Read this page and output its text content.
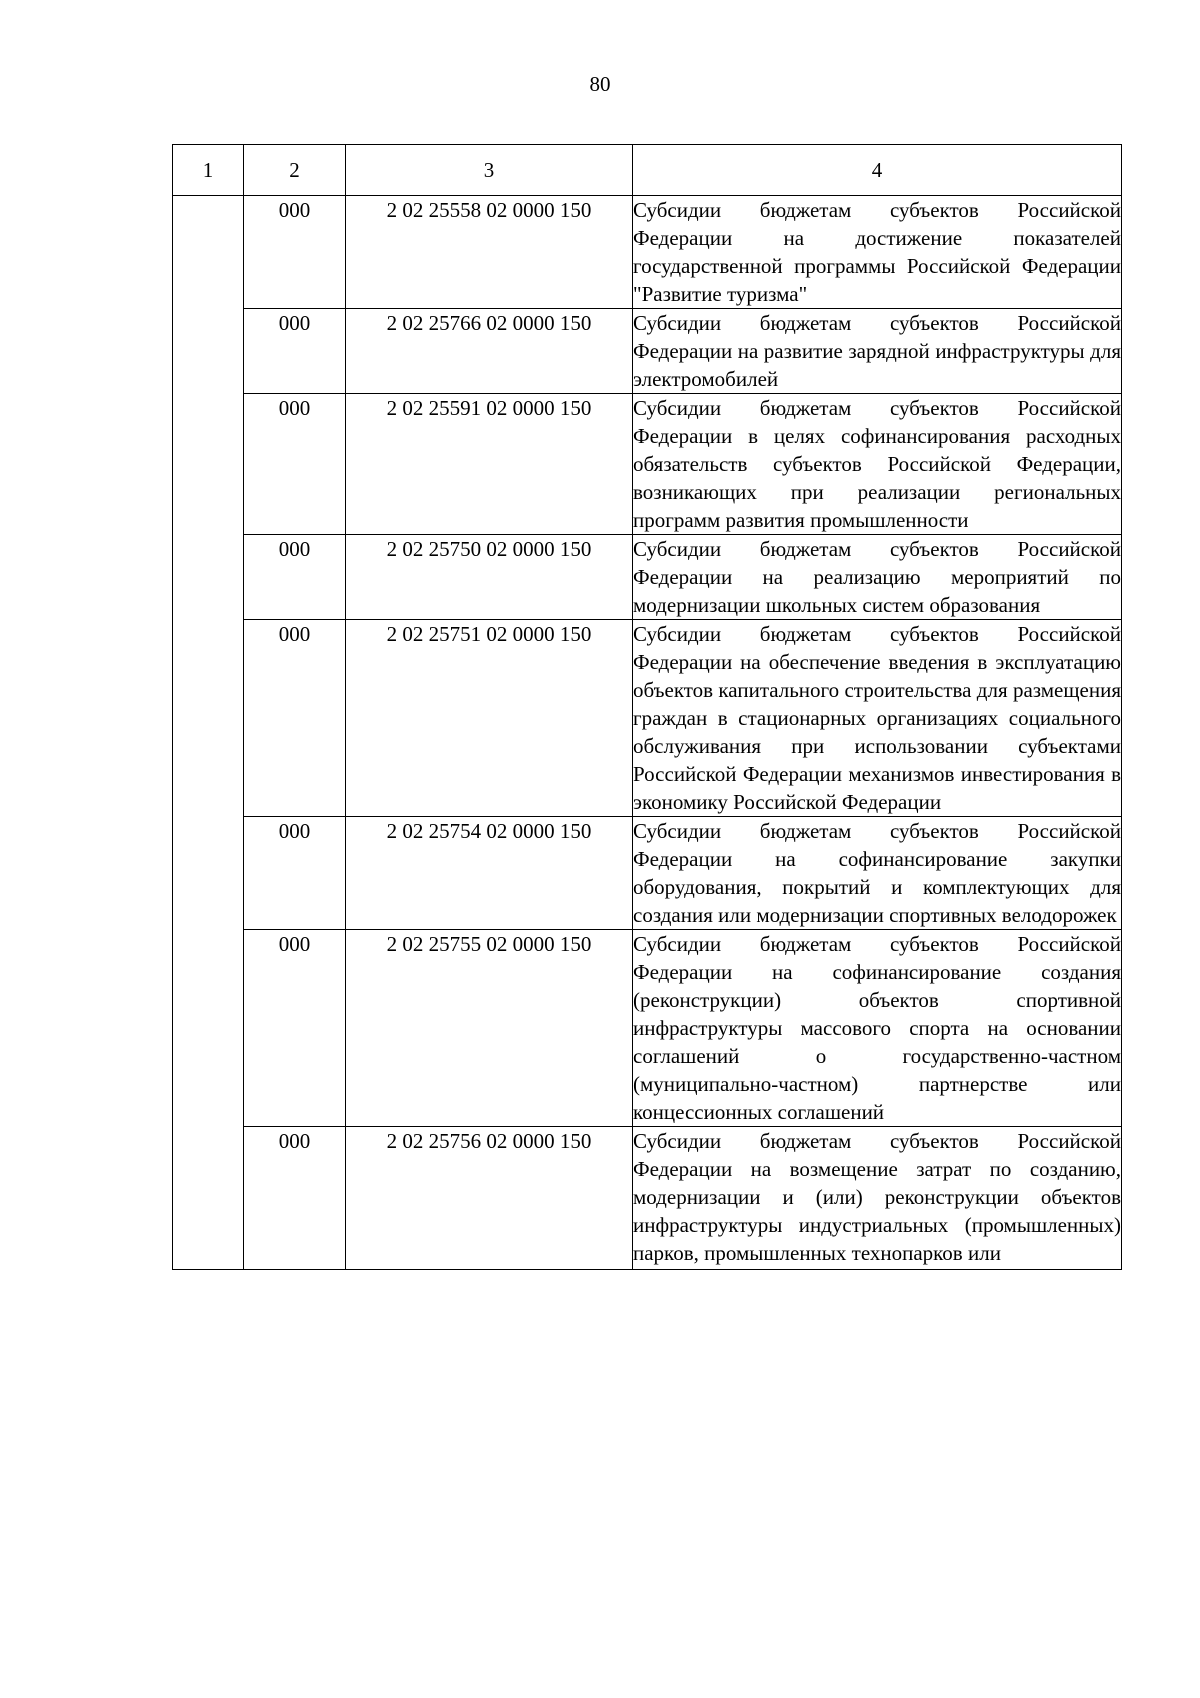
80
1	2	3	4
	000	2 02 25558 02 0000 150	Субсидии бюджетам субъектов Российской Федерации на достижение показателей государственной программы Российской Федерации "Развитие туризма"
	000	2 02 25766 02 0000 150	Субсидии бюджетам субъектов Российской Федерации на развитие зарядной инфраструктуры для электромобилей
	000	2 02 25591 02 0000 150	Субсидии бюджетам субъектов Российской Федерации в целях софинансирования расходных обязательств субъектов Российской Федерации, возникающих при реализации региональных программ развития промышленности
	000	2 02 25750 02 0000 150	Субсидии бюджетам субъектов Российской Федерации на реализацию мероприятий по модернизации школьных систем образования
	000	2 02 25751 02 0000 150	Субсидии бюджетам субъектов Российской Федерации на обеспечение введения в эксплуатацию объектов капитального строительства для размещения граждан в стационарных организациях социального обслуживания при использовании субъектами Российской Федерации механизмов инвестирования в экономику Российской Федерации
	000	2 02 25754 02 0000 150	Субсидии бюджетам субъектов Российской Федерации на софинансирование закупки оборудования, покрытий и комплектующих для создания или модернизации спортивных велодорожек
	000	2 02 25755 02 0000 150	Субсидии бюджетам субъектов Российской Федерации на софинансирование создания (реконструкции) объектов спортивной инфраструктуры массового спорта на основании соглашений о государственно-частном (муниципально-частном) партнерстве или концессионных соглашений
	000	2 02 25756 02 0000 150	Субсидии бюджетам субъектов Российской Федерации на возмещение затрат по созданию, модернизации и (или) реконструкции объектов инфраструктуры индустриальных (промышленных) парков, промышленных технопарков или
